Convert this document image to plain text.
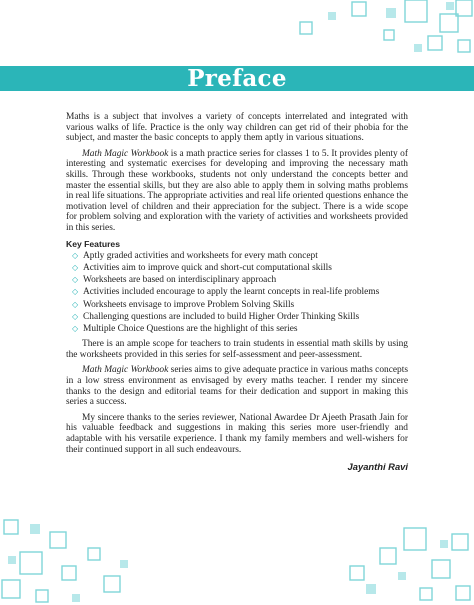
Preface

Maths is a subject that involves a variety of concepts interrelated and integrated with various walks of life. Practice is the only way children can get rid of their phobia for the subject, and master the basic concepts to apply them aptly in various situations.

Math Magic Workbook is a math practice series for classes 1 to 5. It provides plenty of interesting and systematic exercises for developing and improving the necessary math skills. Through these workbooks, students not only understand the concepts better and master the essential skills, but they are also able to apply them in solving maths problems in real life situations. The appropriate activities and real life oriented questions enhance the motivation level of children and their appreciation for the subject. There is a wide scope for problem solving and exploration with the variety of activities and worksheets provided in this series.

Key Features
◇ Aptly graded activities and worksheets for every math concept
◇ Activities aim to improve quick and short-cut computational skills
◇ Worksheets are based on interdisciplinary approach
◇ Activities included encourage to apply the learnt concepts in real-life problems
◇ Worksheets envisage to improve Problem Solving Skills
◇ Challenging questions are included to build Higher Order Thinking Skills
◇ Multiple Choice Questions are the highlight of this series

There is an ample scope for teachers to train students in essential math skills by using the worksheets provided in this series for self-assessment and peer-assessment.

Math Magic Workbook series aims to give adequate practice in various maths concepts in a low stress environment as envisaged by every maths teacher. I render my sincere thanks to the design and editorial teams for their dedication and support in making this series a success.

My sincere thanks to the series reviewer, National Awardee Dr Ajeeth Prasath Jain for his valuable feedback and suggestions in making this series more user-friendly and adaptable with his versatile experience. I thank my family members and well-wishers for their continued support in all such endeavours.

Jayanthi Ravi
